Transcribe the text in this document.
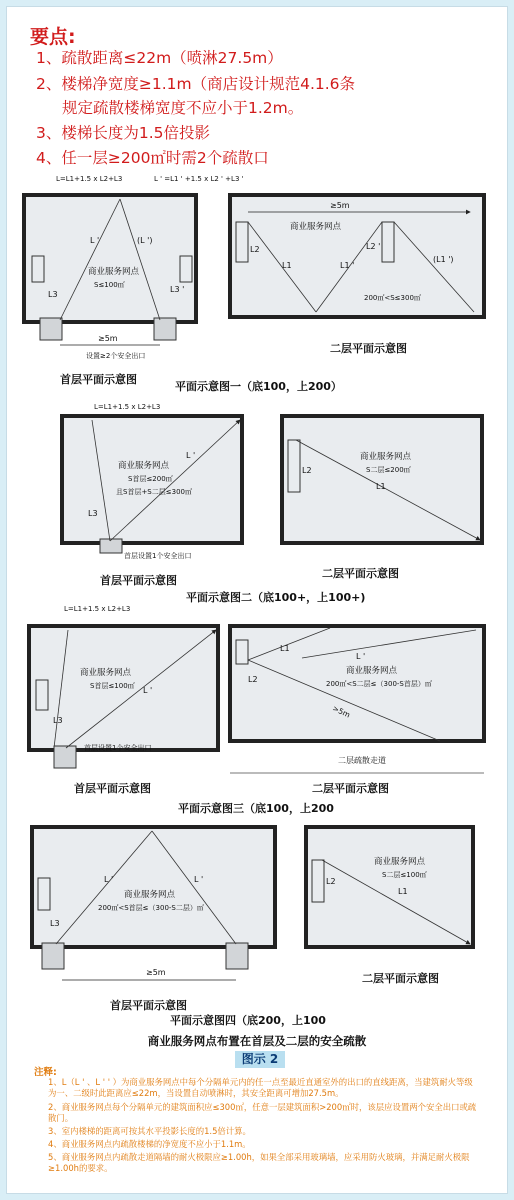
要点:
1、疏散距离≤22m（喷淋27.5m）
2、楼梯净宽度≥1.1m（商店设计规范4.1.6条
规定疏散楼梯宽度不应小于1.2m。
3、楼梯长度为1.5倍投影
4、任一层≥200㎡时需2个疏散口
L=L1+1.5 x L2+L3	L ' =L1 ' +1.5 x L2 ' +L3 '
商业服务网点
S≤100㎡
L '	(L ')
L3
L3 '
≥5m
设置≥2个安全出口
≥5m
商业服务网点
200㎡<S≤300㎡
L2
L1	L1 '
L2 '
(L1 ')
L=L1+1.5 x L2+L3
商业服务网点
S首层≤200㎡
且S首层+S二层≤300㎡
L '
L3
首层设置1个安全出口
商业服务网点
S二层≤200㎡
L2
L1
L=L1+1.5 x L2+L3
商业服务网点
S首层≤100㎡ L '
L3
首层设置1个安全出口
商业服务网点
200㎡<S二层≤（300-S首层）㎡
L2
L1
L '
>5m
二层疏散走道
商业服务网点
200㎡<S首层≤（300-S二层）㎡
L '	L '
L3
≥5m
商业服务网点
S二层≤100㎡
L2
L1
首层平面示意图
二层平面示意图
平面示意图一（底100，上200）
首层平面示意图
二层平面示意图
平面示意图二（底100+，上100+)
首层平面示意图	二层平面示意图
平面示意图三（底100，上200
首层平面示意图
二层平面示意图
平面示意图四（底200，上100
商业服务网点布置在首层及二层的安全疏散
图示 2
注释:
1、L（L ' 、L ' ' ）为商业服务网点中每个分隔单元内的任一点至最近直通室外的出口的直线距离，当建筑耐火等级为一、二级时此距离应≤22m，当设置自动喷淋时，其安全距离可增加27.5m。
2、商业服务网点每个分隔单元的建筑面积应≤300㎡，任意一层建筑面积>200㎡时，该层应设置两个安全出口或疏散门。
3、室内楼梯的距离可按其水平投影长度的1.5倍计算。
4、商业服务网点内疏散楼梯的净宽度不应小于1.1m。
5、商业服务网点内疏散走道隔墙的耐火极限应≥1.00h，如果全部采用玻璃墙，应采用防火玻璃，并满足耐火极限≥1.00h的要求。
